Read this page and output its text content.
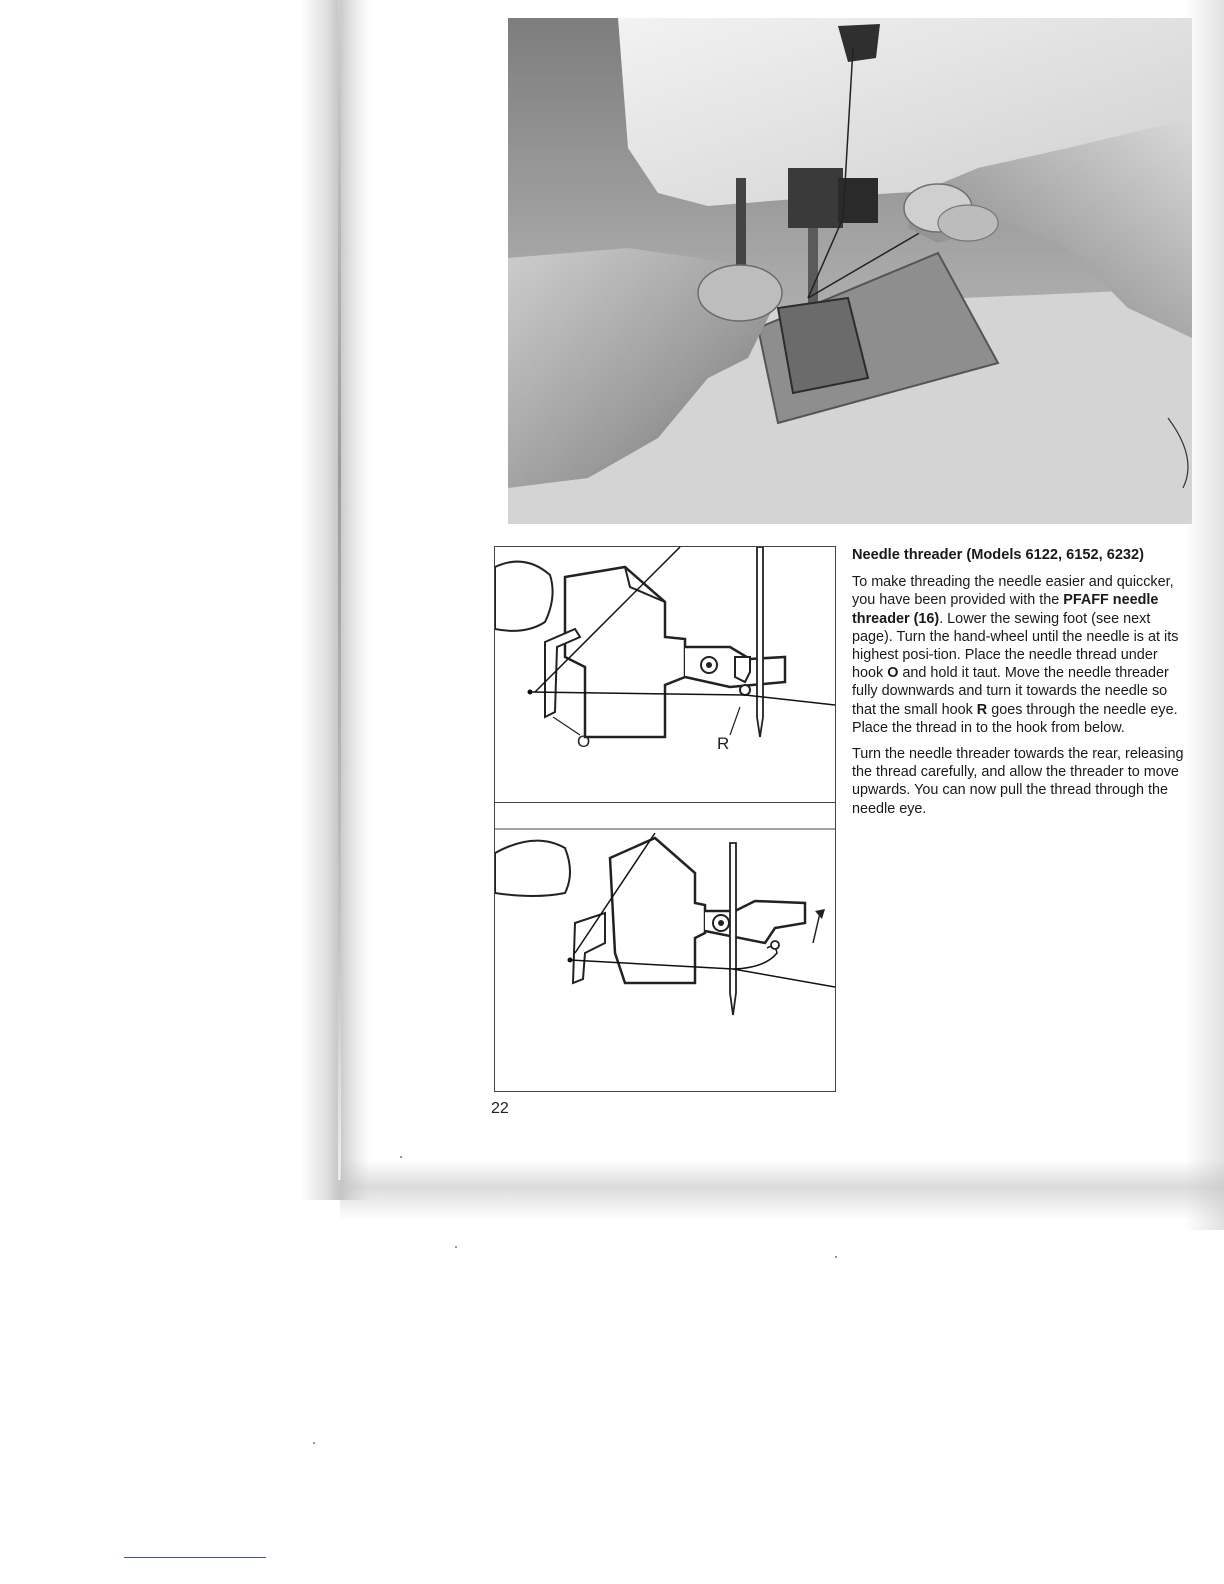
O	R
Needle threader (Models 6122, 6152, 6232)

To make threading the needle easier and quiccker, you have been provided with the PFAFF needle threader (16). Lower the sewing foot (see next page). Turn the hand-wheel until the needle is at its highest posi-tion. Place the needle thread under hook O and hold it taut. Move the needle threader fully downwards and turn it towards the needle so that the small hook R goes through the needle eye. Place the thread in to the hook from below.

Turn the needle threader towards the rear, releasing the thread carefully, and allow the threader to move upwards. You can now pull the thread through the needle eye.

22
